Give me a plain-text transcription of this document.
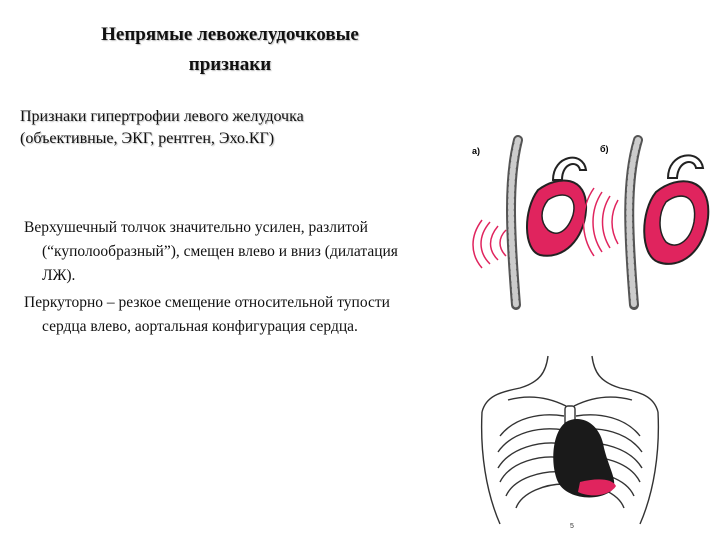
Непрямые левожелудочковые
признаки
Признаки гипертрофии левого желудочка
(объективные, ЭКГ, рентген, Эхо.КГ)

Верхушечный толчок значительно усилен, разлитой (“куполообразный”), смещен влево и вниз (дилатация ЛЖ).

Перкуторно – резкое смещение относительной тупости сердца влево, аортальная конфигурация сердца.

а)	б)
5
